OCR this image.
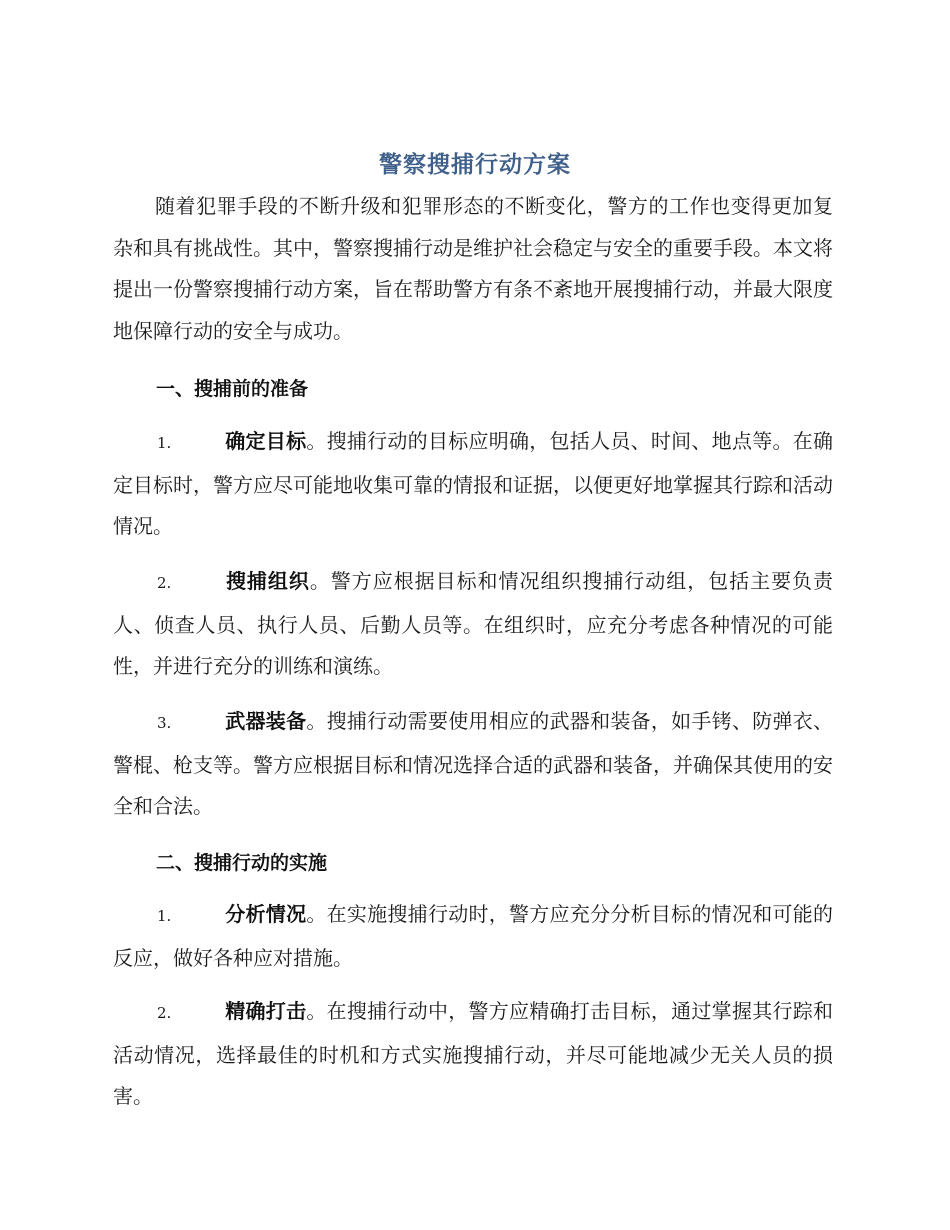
警察搜捕行动方案

随着犯罪手段的不断升级和犯罪形态的不断变化，警方的工作也变得更加复杂和具有挑战性。其中，警察搜捕行动是维护社会稳定与安全的重要手段。本文将提出一份警察搜捕行动方案，旨在帮助警方有条不紊地开展搜捕行动，并最大限度地保障行动的安全与成功。

一、搜捕前的准备

1.	确定目标。搜捕行动的目标应明确，包括人员、时间、地点等。在确定目标时，警方应尽可能地收集可靠的情报和证据，以便更好地掌握其行踪和活动情况。

2.	搜捕组织。警方应根据目标和情况组织搜捕行动组，包括主要负责人、侦查人员、执行人员、后勤人员等。在组织时，应充分考虑各种情况的可能性，并进行充分的训练和演练。

3.	武器装备。搜捕行动需要使用相应的武器和装备，如手铐、防弹衣、警棍、枪支等。警方应根据目标和情况选择合适的武器和装备，并确保其使用的安全和合法。

二、搜捕行动的实施

1.	分析情况。在实施搜捕行动时，警方应充分分析目标的情况和可能的反应，做好各种应对措施。

2.	精确打击。在搜捕行动中，警方应精确打击目标，通过掌握其行踪和活动情况，选择最佳的时机和方式实施搜捕行动，并尽可能地减少无关人员的损害。
